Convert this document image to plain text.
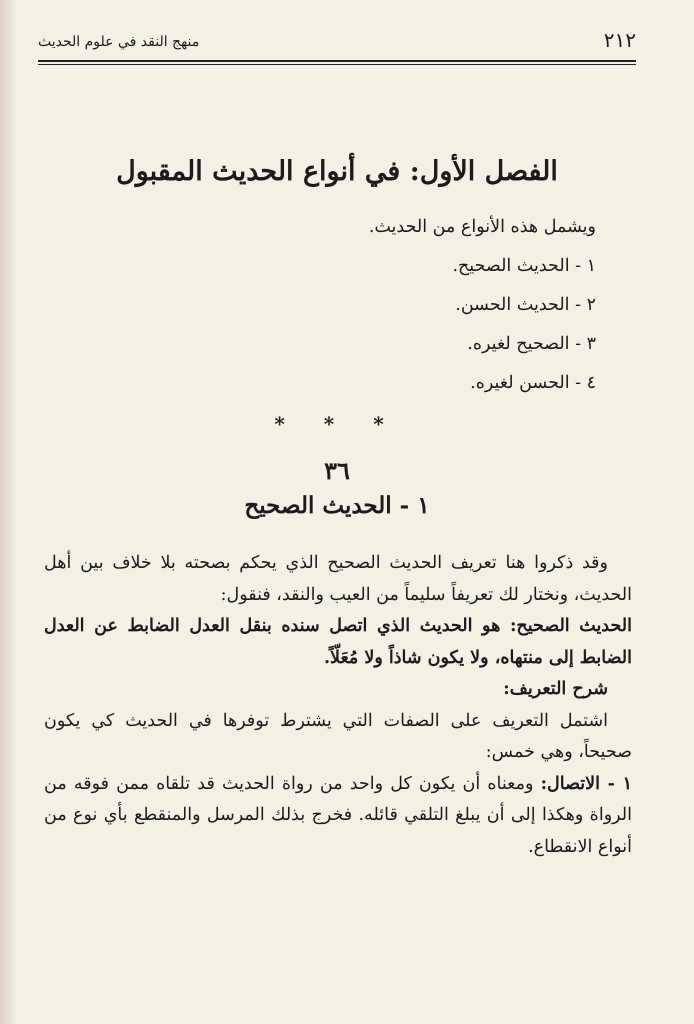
٢١٢
منهج النقد في علوم الحديث
الفصل الأول: في أنواع الحديث المقبول
ويشمل هذه الأنواع من الحديث.
١ - الحديث الصحيح.
٢ - الحديث الحسن.
٣ - الصحيح لغيره.
٤ - الحسن لغيره.
* * *
٣٦
١ - الحديث الصحيح

وقد ذكروا هنا تعريف الحديث الصحيح الذي يحكم بصحته بلا خلاف بين أهل الحديث، ونختار لك تعريفاً سليماً من العيب والنقد، فنقول:

الحديث الصحيح: هو الحديث الذي اتصل سنده بنقل العدل الضابط عن العدل الضابط إلى منتهاه، ولا يكون شاذاً ولا مُعَلّاً.

شرح التعريف:

اشتمل التعريف على الصفات التي يشترط توفرها في الحديث كي يكون صحيحاً، وهي خمس:

١ - الاتصال: ومعناه أن يكون كل واحد من رواة الحديث قد تلقاه ممن فوقه من الرواة وهكذا إلى أن يبلغ التلقي قائله. فخرج بذلك المرسل والمنقطع بأي نوع من أنواع الانقطاع.
